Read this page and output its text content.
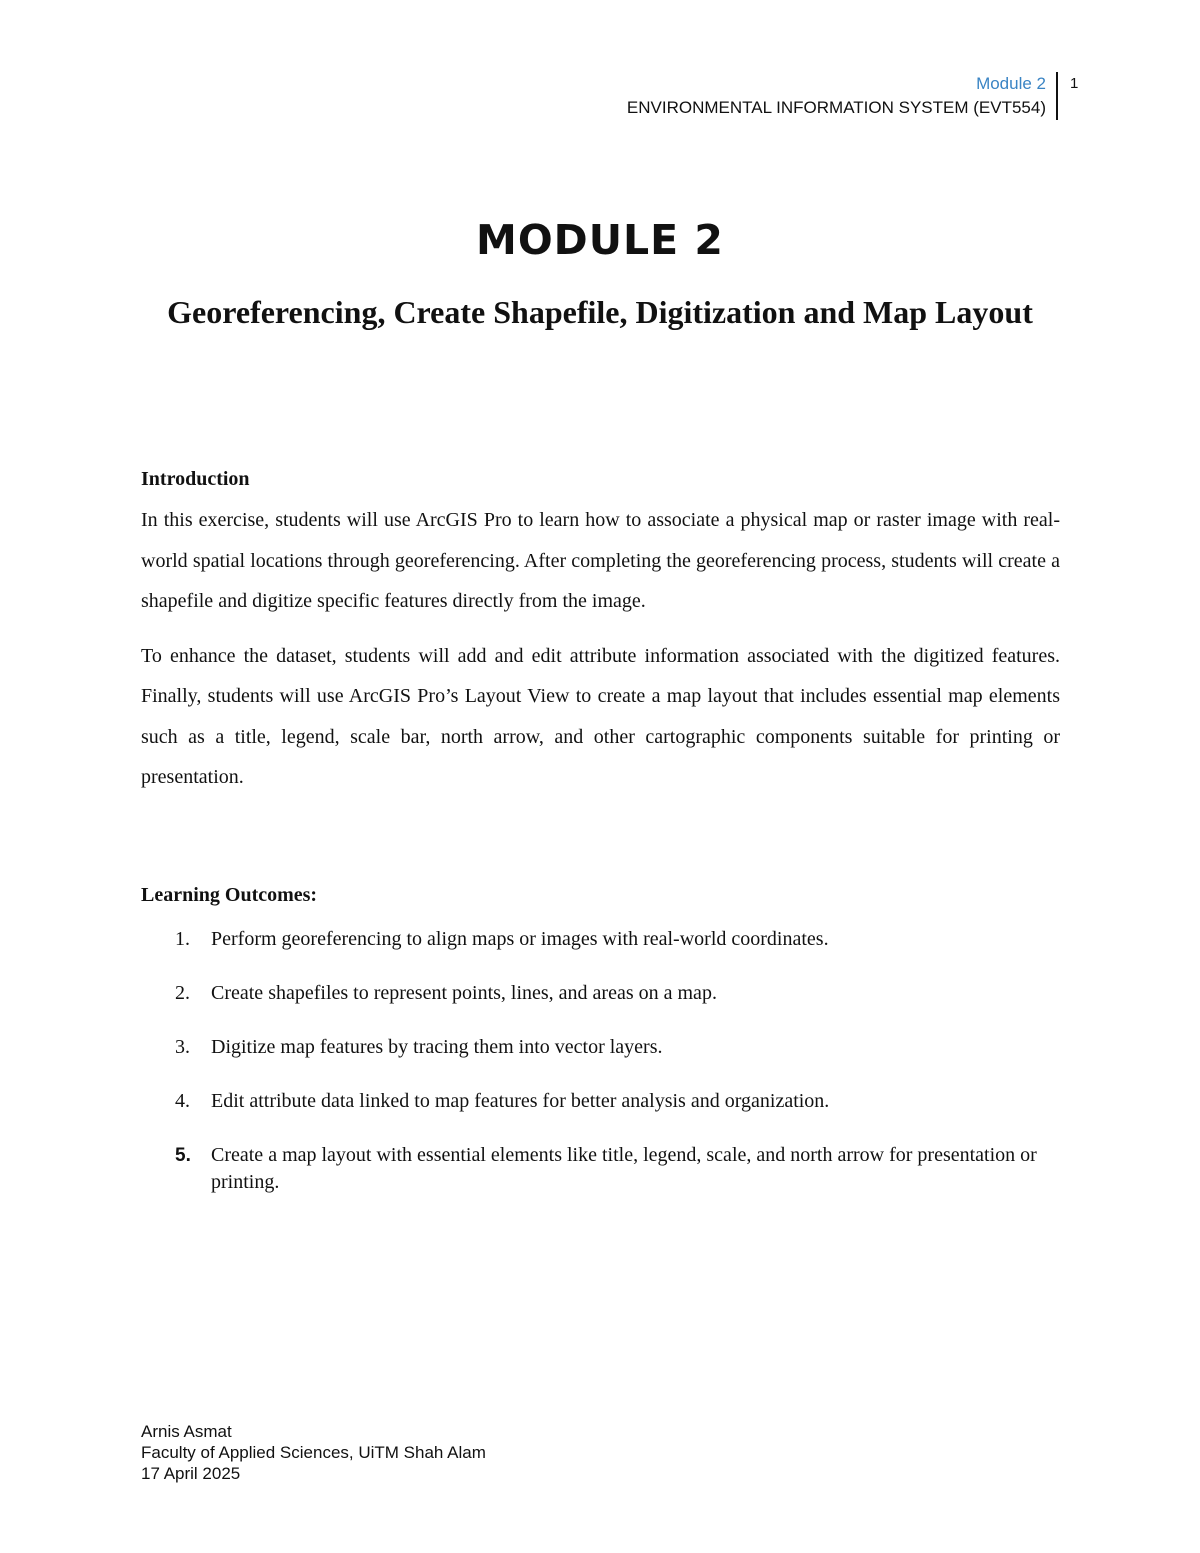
Module 2
ENVIRONMENTAL INFORMATION SYSTEM (EVT554)
1
MODULE 2
Georeferencing, Create Shapefile, Digitization and Map Layout

Introduction

In this exercise, students will use ArcGIS Pro to learn how to associate a physical map or raster image with real-world spatial locations through georeferencing. After completing the georeferencing process, students will create a shapefile and digitize specific features directly from the image.

To enhance the dataset, students will add and edit attribute information associated with the digitized features. Finally, students will use ArcGIS Pro’s Layout View to create a map layout that includes essential map elements such as a title, legend, scale bar, north arrow, and other cartographic components suitable for printing or presentation.

Learning Outcomes:

1. Perform georeferencing to align maps or images with real-world coordinates.
2. Create shapefiles to represent points, lines, and areas on a map.
3. Digitize map features by tracing them into vector layers.
4. Edit attribute data linked to map features for better analysis and organization.
5. Create a map layout with essential elements like title, legend, scale, and north arrow for presentation or printing.
Arnis Asmat
Faculty of Applied Sciences, UiTM Shah Alam
17 April 2025
